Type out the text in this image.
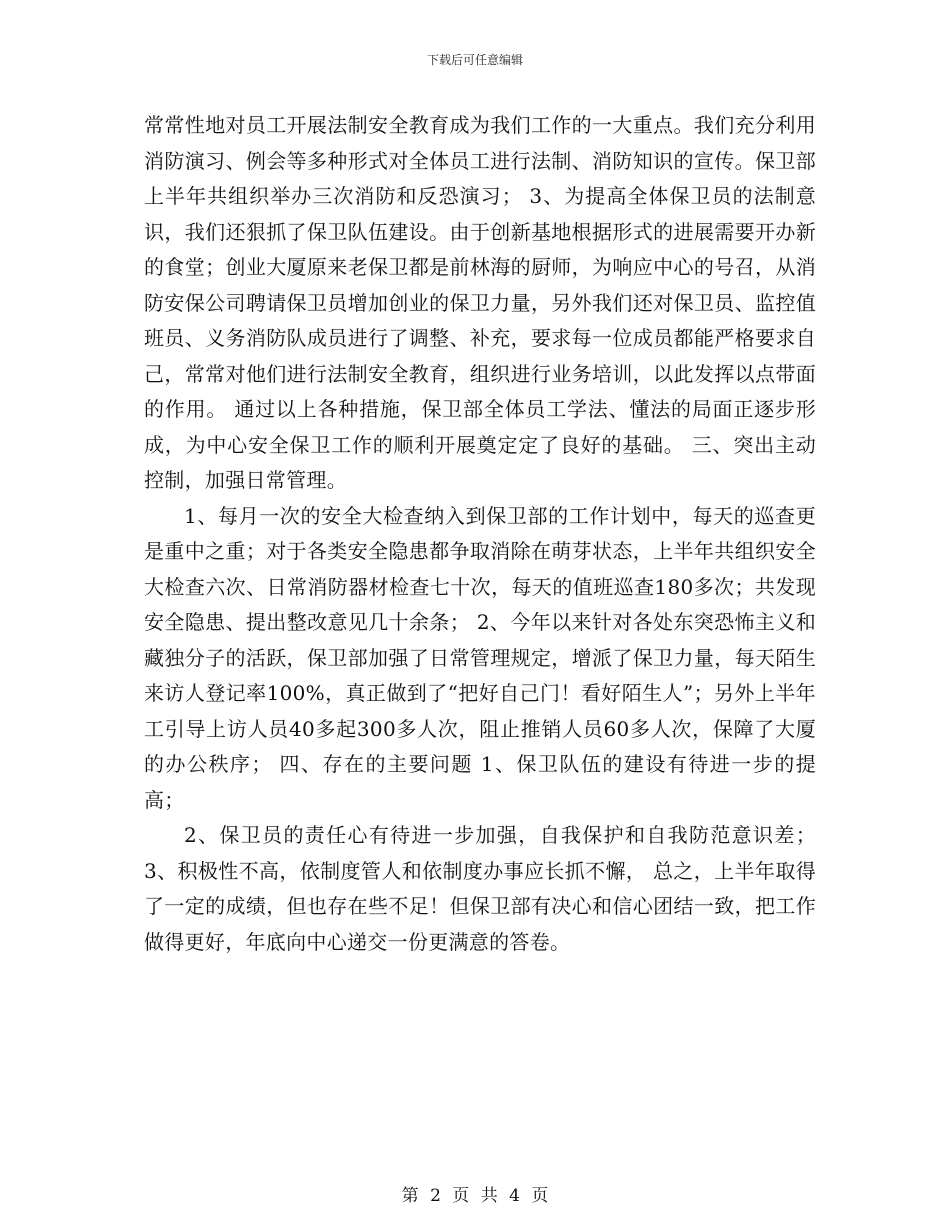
下载后可任意编辑

常常性地对员工开展法制安全教育成为我们工作的一大重点。我们充分利用消防演习、例会等多种形式对全体员工进行法制、消防知识的宣传。保卫部上半年共组织举办三次消防和反恐演习； 3、为提高全体保卫员的法制意识，我们还狠抓了保卫队伍建设。由于创新基地根据形式的进展需要开办新的食堂；创业大厦原来老保卫都是前林海的厨师，为响应中心的号召，从消防安保公司聘请保卫员增加创业的保卫力量，另外我们还对保卫员、监控值班员、义务消防队成员进行了调整、补充，要求每一位成员都能严格要求自己，常常对他们进行法制安全教育，组织进行业务培训，以此发挥以点带面的作用。 通过以上各种措施，保卫部全体员工学法、懂法的局面正逐步形成，为中心安全保卫工作的顺利开展奠定定了良好的基础。 三、突出主动控制，加强日常管理。

1、每月一次的安全大检查纳入到保卫部的工作计划中，每天的巡查更是重中之重；对于各类安全隐患都争取消除在萌芽状态，上半年共组织安全大检查六次、日常消防器材检查七十次，每天的值班巡查180多次；共发现安全隐患、提出整改意见几十余条； 2、今年以来针对各处东突恐怖主义和藏独分子的活跃，保卫部加强了日常管理规定，增派了保卫力量，每天陌生来访人登记率100%，真正做到了“把好自己门！看好陌生人”；另外上半年工引导上访人员40多起300多人次，阻止推销人员60多人次，保障了大厦的办公秩序； 四、存在的主要问题 1、保卫队伍的建设有待进一步的提高；

2、保卫员的责任心有待进一步加强，自我保护和自我防范意识差； 3、积极性不高，依制度管人和依制度办事应长抓不懈， 总之，上半年取得了一定的成绩，但也存在些不足！但保卫部有决心和信心团结一致，把工作做得更好，年底向中心递交一份更满意的答卷。

第 2 页 共 4 页
